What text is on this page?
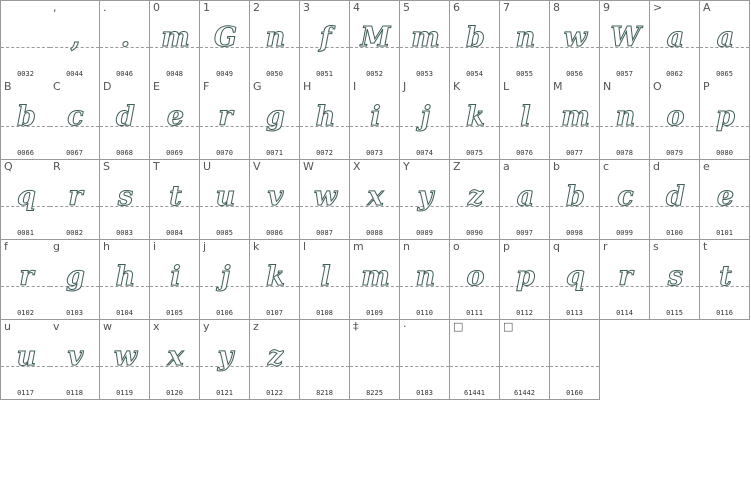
0032
,
,
0044
.
.
0046
0
m
0048
1
G
0049
2
n
0050
3
f
0051
4
M
0052
5
m
0053
6
b
0054
7
n
0055
8
w
0056
9
W
0057
>
a
0062
A
a
0065
B
b
0066
C
c
0067
D
d
0068
E
e
0069
F
r
0070
G
g
0071
H
h
0072
I
i
0073
J
j
0074
K
k
0075
L
l
0076
M
m
0077
N
n
0078
O
o
0079
P
p
0080
Q
q
0081
R
r
0082
S
s
0083
T
t
0084
U
u
0085
V
v
0086
W
w
0087
X
x
0088
Y
y
0089
Z
z
0090
a
a
0097
b
b
0098
c
c
0099
d
d
0100
e
e
0101
f
r
0102
g
g
0103
h
h
0104
i
i
0105
j
j
0106
k
k
0107
l
l
0108
m
m
0109
n
n
0110
o
o
0111
p
p
0112
q
q
0113
r
r
0114
s
s
0115
t
t
0116
u
u
0117
v
v
0118
w
w
0119
x
x
0120
y
y
0121
z
z
0122	8218
‡
8225
·
0183
□
61441
□
61442	0160
